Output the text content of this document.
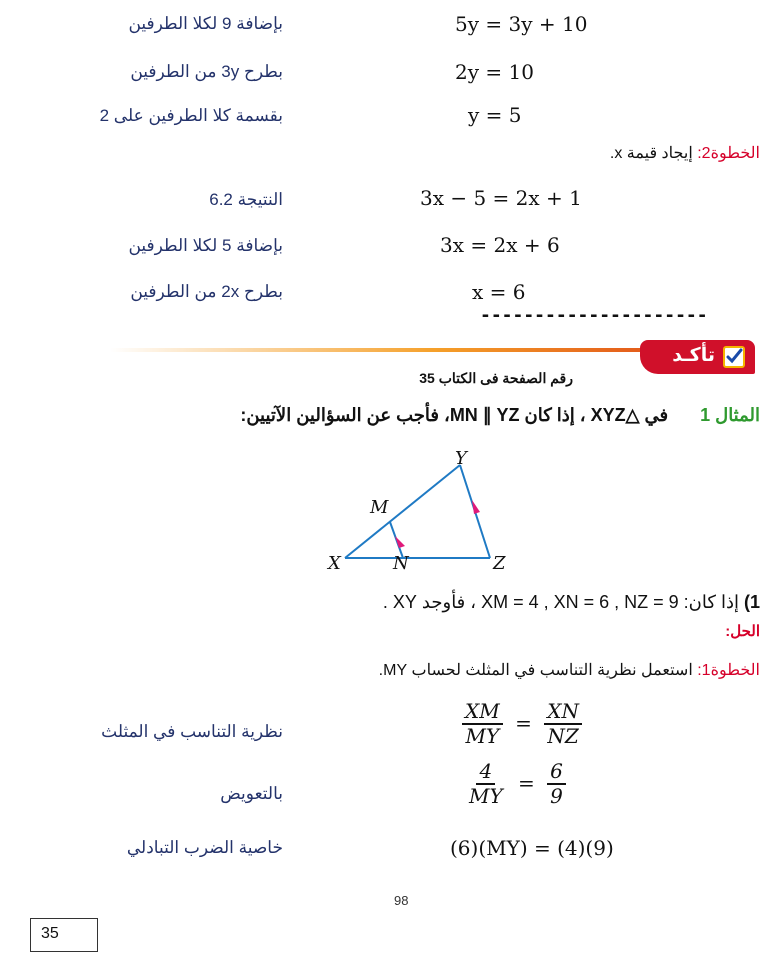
5y = 3y + 10
بإضافة 9 لكلا الطرفين
2y = 10
بطرح 3y من الطرفين
y = 5
بقسمة كلا الطرفين على 2
الخطوة2: إيجاد قيمة x.
3x − 5 = 2x + 1
النتيجة 6.2
3x = 2x + 6
بإضافة 5 لكلا الطرفين
x = 6
بطرح 2x من الطرفين
---------------------
تأكـد
رقم الصفحة فى الكتاب 35
المثال 1  في △XYZ ، إذا كان MN ∥ YZ، فأجب عن السؤالين الآتيين:
Y
M
X	N	Z
1) إذا كان: XM = 4 , XN = 6 , NZ = 9 ، فأوجد XY .
الحل:
الخطوة1: استعمل نظرية التناسب في المثلث لحساب MY.
$\frac{XM}{MY} = \frac{XN}{NZ}$
نظرية التناسب في المثلث
$\frac{4}{MY} = \frac{6}{9}$
بالتعويض
(6)(MY) = (4)(9)
خاصية الضرب التبادلي
98
35
